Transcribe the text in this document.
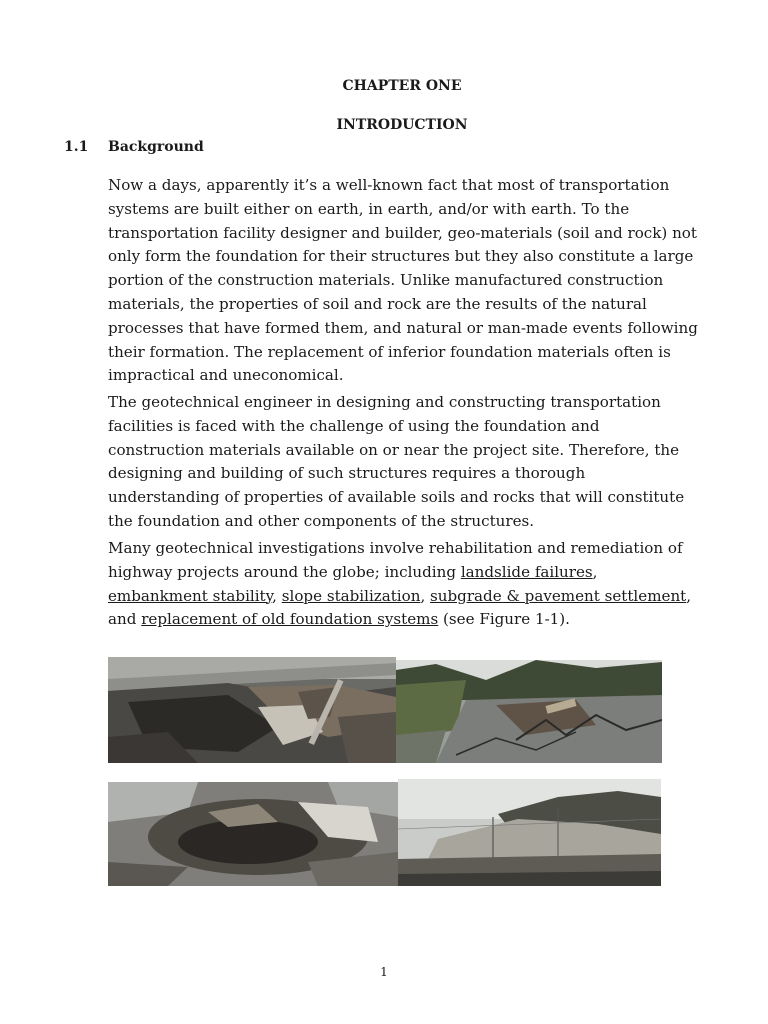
CHAPTER ONE
INTRODUCTION
1.1 Background

Now a days, apparently it’s a well-known fact that most of transportation systems are built either on earth, in earth, and/or with earth. To the transportation facility designer and builder, geo-materials (soil and rock) not only form the foundation for their structures but they also constitute a large portion of the construction materials. Unlike manufactured construction materials, the properties of soil and rock are the results of the natural processes that have formed them, and natural or man-made events following their formation. The replacement of inferior foundation materials often is impractical and uneconomical.

The geotechnical engineer in designing and constructing transportation facilities is faced with the challenge of using the foundation and construction materials available on or near the project site. Therefore, the designing and building of such structures requires a thorough understanding of properties of available soils and rocks that will constitute the foundation and other components of the structures.

Many geotechnical investigations involve rehabilitation and remediation of highway projects around the globe; including landslide failures, embankment stability, slope stabilization, subgrade & pavement settlement, and replacement of old foundation systems (see Figure 1-1).

1
